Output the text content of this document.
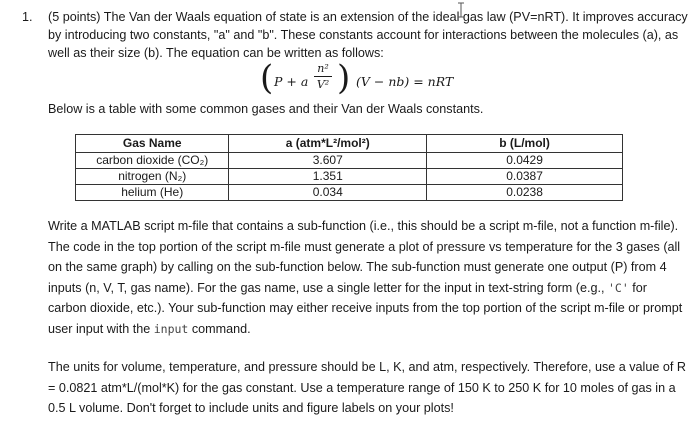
1. (5 points) The Van der Waals equation of state is an extension of the ideal gas law (PV=nRT). It improves accuracy by introducing two constants, "a" and "b". These constants account for interactions between the molecules (a), as well as their size (b). The equation can be written as follows:
( P + a
n²
V² ) (V − nb) = nRT
Below is a table with some common gases and their Van der Waals constants.
Gas Name	a (atm*L²/mol²)	b (L/mol)
carbon dioxide (CO₂)	3.607	0.0429
nitrogen (N₂)	1.351	0.0387
helium (He)	0.034	0.0238
Write a MATLAB script m-file that contains a sub-function (i.e., this should be a script m-file, not a function m-file). The code in the top portion of the script m-file must generate a plot of pressure vs temperature for the 3 gases (all on the same graph) by calling on the sub-function below. The sub-function must generate one output (P) from 4 inputs (n, V, T, gas name). For the gas name, use a single letter for the input in text-string form (e.g., 'C' for carbon dioxide, etc.). Your sub-function may either receive inputs from the top portion of the script m-file or prompt user input with the input command.
The units for volume, temperature, and pressure should be L, K, and atm, respectively. Therefore, use a value of R = 0.0821 atm*L/(mol*K) for the gas constant. Use a temperature range of 150 K to 250 K for 10 moles of gas in a 0.5 L volume. Don't forget to include units and figure labels on your plots!
